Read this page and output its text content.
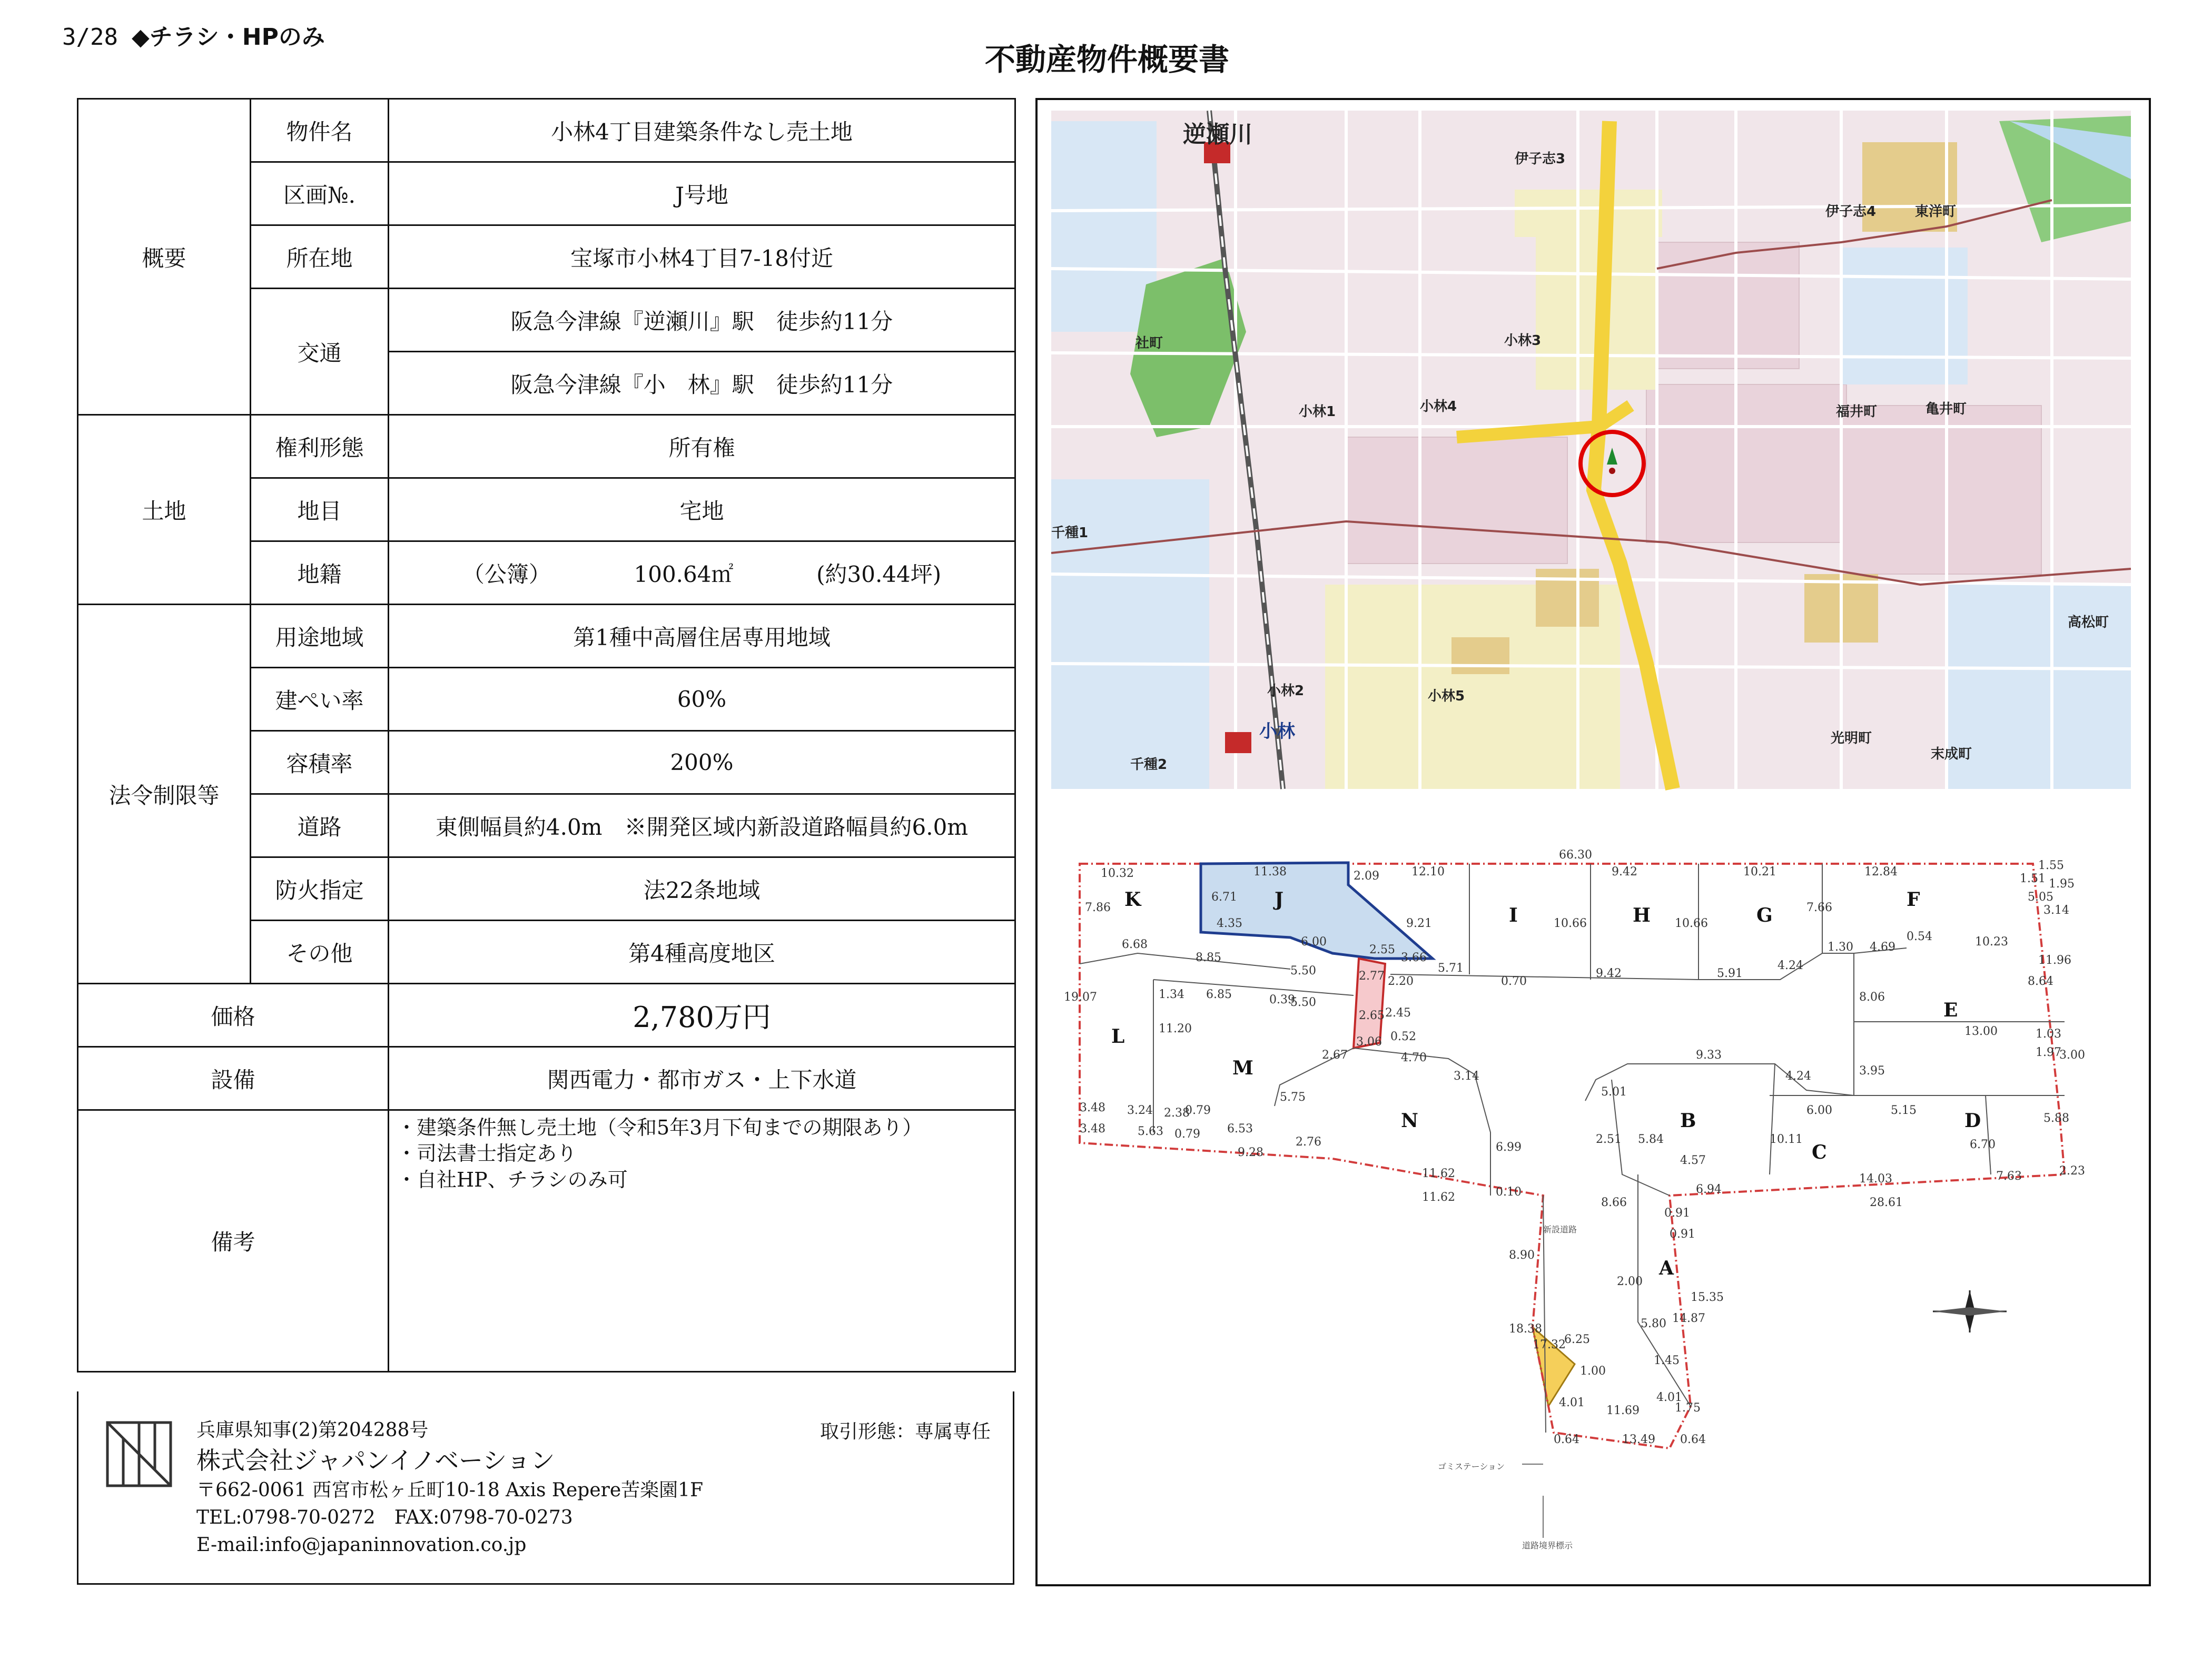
3/28 ◆チラシ・HPのみ
不動産物件概要書
概要	物件名	小林4丁目建築条件なし売土地
	区画№.	J号地
	所在地	宝塚市小林4丁目7-18付近
	交通	阪急今津線『逆瀬川』駅　徒歩約11分
		阪急今津線『小　林』駅　徒歩約11分
土地	権利形態	所有権
	地目	宅地
	地籍	（公簿） 100.64㎡ (約30.44坪)

法令制限等	用途地域	第1種中高層住居専用地域
	建ぺい率	60%
	容積率	200%
	道路	東側幅員約4.0m　※開発区域内新設道路幅員約6.0m
	防火指定	法22条地域
	その他	第4種高度地区
価格		2,780万円
設備		関西電力・都市ガス・上下水道
備考		・建築条件無し売土地（令和5年3月下旬までの期限あり）
・司法書士指定あり
・自社HP、チラシのみ可
兵庫県知事(2)第204288号
株式会社ジャパンイノベーション
〒662-0061 西宮市松ヶ丘町10-18 Axis Repere苦楽園1F
TEL:0798-70-0272　FAX:0798-70-0273
E-mail:info@japaninnovation.co.jp
取引形態：専属専任
逆瀬川
小林
小林1
小林2
小林3
小林4
小林5
福井町	亀井町
光明町
末成町
高松町
伊子志3
伊子志4	東洋町
社町
千種1
千種2
K	J
I	H	G
F
E
L
M
N	B
C
D
A
66.30
10.32	11.38	12.10	9.42	10.21	12.84
19.07
7.86
11.20
6.71
4.35
6.00
9.21
2.09
6.68
8.85
5.50
5.50
1.34 6.85	0.39
2.55
3.66
5.71
0.70
9.42	5.91
2.77
2.65
3.06
2.20
2.45
0.52
10.66	10.66
7.66
4.24
1.30 4.69
0.54	10.23
8.06
13.00	1.03
1.97
1.55
1.95
1.51
5.05
3.14
11.96
8.64
3.00
5.88
2.23
3.48
3.48
3.24 2.38
0.79
5.63 0.79
2.67	4.70
3.14
5.75
6.53
9.28
2.76
11.62
11.62
6.99
0.10
9.33
5.01
2.51 5.84
4.57
10.11
4.24
6.00
3.95
5.15
6.70
8.66
6.94
14.03
28.61
7.63
0.91
2.00
15.35
14.87
5.80
1.45
4.01
1.75
11.69
13.49
0.64	0.64
8.90
18.38
17.32
6.25
4.01
1.00
0.91
ゴミステーション
新設道路
道路境界標示
